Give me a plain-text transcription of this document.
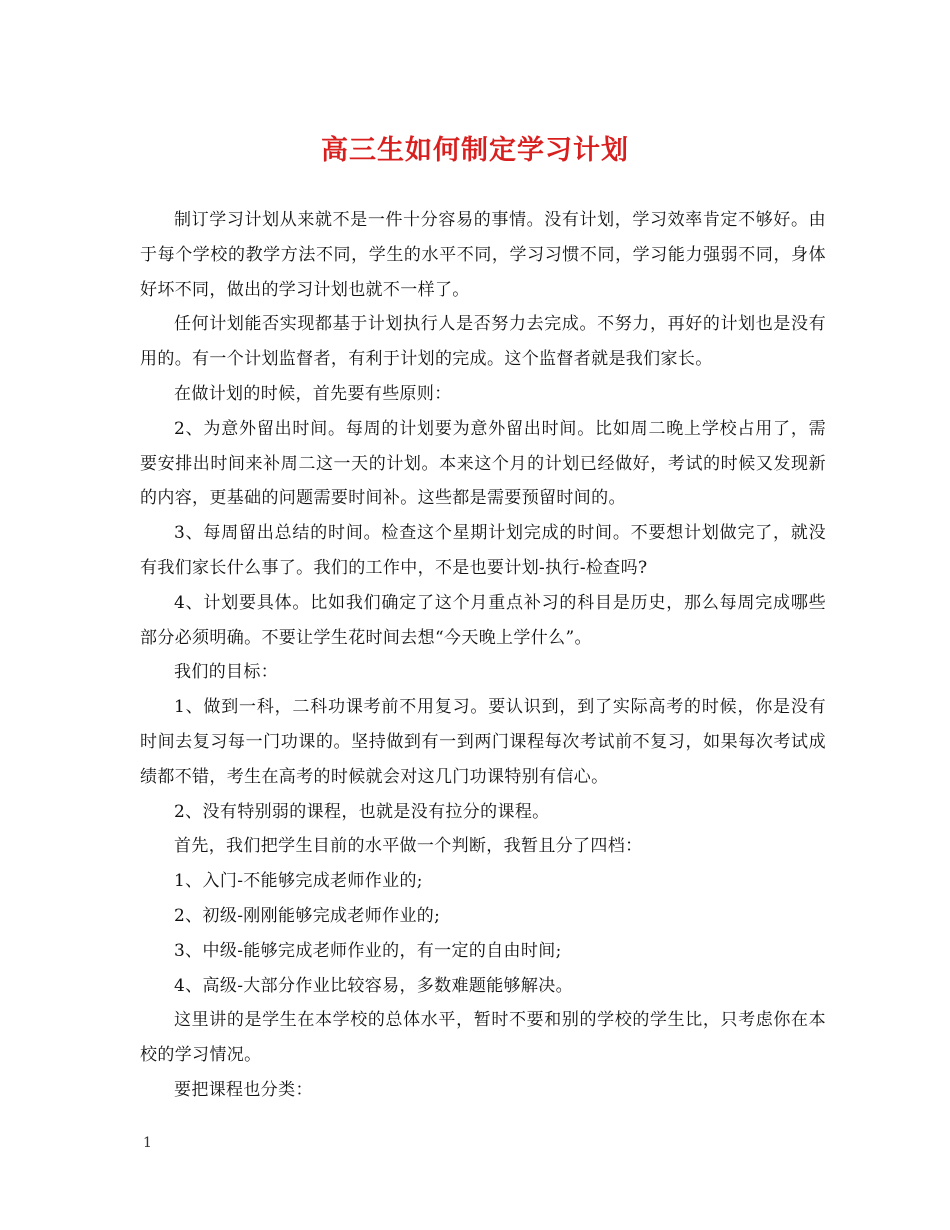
高三生如何制定学习计划

制订学习计划从来就不是一件十分容易的事情。没有计划，学习效率肯定不够好。由于每个学校的教学方法不同，学生的水平不同，学习习惯不同，学习能力强弱不同，身体好坏不同，做出的学习计划也就不一样了。

任何计划能否实现都基于计划执行人是否努力去完成。不努力，再好的计划也是没有用的。有一个计划监督者，有利于计划的完成。这个监督者就是我们家长。

在做计划的时候，首先要有些原则：

2、为意外留出时间。每周的计划要为意外留出时间。比如周二晚上学校占用了，需要安排出时间来补周二这一天的计划。本来这个月的计划已经做好，考试的时候又发现新的内容，更基础的问题需要时间补。这些都是需要预留时间的。

3、每周留出总结的时间。检查这个星期计划完成的时间。不要想计划做完了，就没有我们家长什么事了。我们的工作中，不是也要计划-执行-检查吗?

4、计划要具体。比如我们确定了这个月重点补习的科目是历史，那么每周完成哪些部分必须明确。不要让学生花时间去想“今天晚上学什么”。

我们的目标：

1、做到一科，二科功课考前不用复习。要认识到，到了实际高考的时候，你是没有时间去复习每一门功课的。坚持做到有一到两门课程每次考试前不复习，如果每次考试成绩都不错，考生在高考的时候就会对这几门功课特别有信心。

2、没有特别弱的课程，也就是没有拉分的课程。

首先，我们把学生目前的水平做一个判断，我暂且分了四档：

1、入门-不能够完成老师作业的;

2、初级-刚刚能够完成老师作业的;

3、中级-能够完成老师作业的，有一定的自由时间;

4、高级-大部分作业比较容易，多数难题能够解决。

这里讲的是学生在本学校的总体水平，暂时不要和别的学校的学生比，只考虑你在本校的学习情况。

要把课程也分类：

1
